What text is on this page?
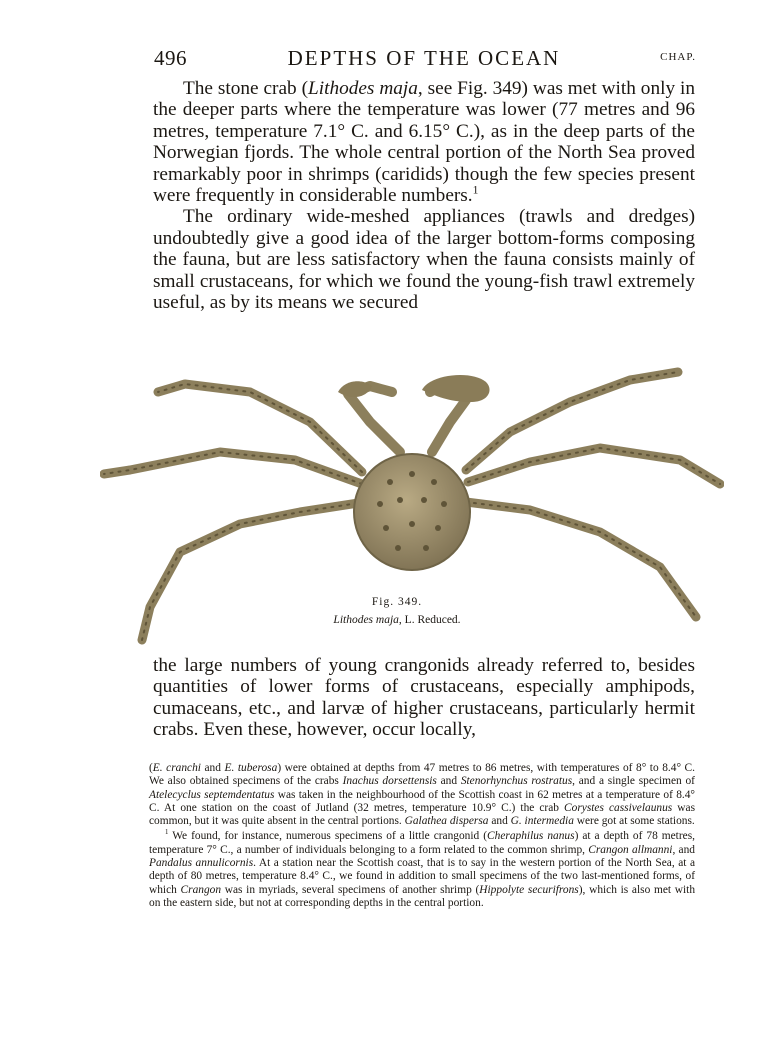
496	DEPTHS OF THE OCEAN	CHAP.

The stone crab (Lithodes maja, see Fig. 349) was met with only in the deeper parts where the temperature was lower (77 metres and 96 metres, temperature 7.1° C. and 6.15° C.), as in the deep parts of the Norwegian fjords. The whole central portion of the North Sea proved remarkably poor in shrimps (caridids) though the few species present were frequently in considerable numbers.$^1$

The ordinary wide-meshed appliances (trawls and dredges) undoubtedly give a good idea of the larger bottom-forms composing the fauna, but are less satisfactory when the fauna consists mainly of small crustaceans, for which we found the young-fish trawl extremely useful, as by its means we secured

Fig. 349.
Lithodes maja, L. Reduced.

the large numbers of young crangonids already referred to, besides quantities of lower forms of crustaceans, especially amphipods, cumaceans, etc., and larvæ of higher crustaceans, particularly hermit crabs. Even these, however, occur locally,

(E. cranchi and E. tuberosa) were obtained at depths from 47 metres to 86 metres, with temperatures of 8° to 8.4° C. We also obtained specimens of the crabs Inachus dorsettensis and Stenorhynchus rostratus, and a single specimen of Atelecyclus septemdentatus was taken in the neighbourhood of the Scottish coast in 62 metres at a temperature of 8.4° C. At one station on the coast of Jutland (32 metres, temperature 10.9° C.) the crab Corystes cassivelaunus was common, but it was quite absent in the central portions. Galathea dispersa and G. intermedia were got at some stations.

$^1$ We found, for instance, numerous specimens of a little crangonid (Cheraphilus nanus) at a depth of 78 metres, temperature 7° C., a number of individuals belonging to a form related to the common shrimp, Crangon allmanni, and Pandalus annulicornis. At a station near the Scottish coast, that is to say in the western portion of the North Sea, at a depth of 80 metres, temperature 8.4° C., we found in addition to small specimens of the two last-mentioned forms, of which Crangon was in myriads, several specimens of another shrimp (Hippolyte securifrons), which is also met with on the eastern side, but not at corresponding depths in the central portion.
